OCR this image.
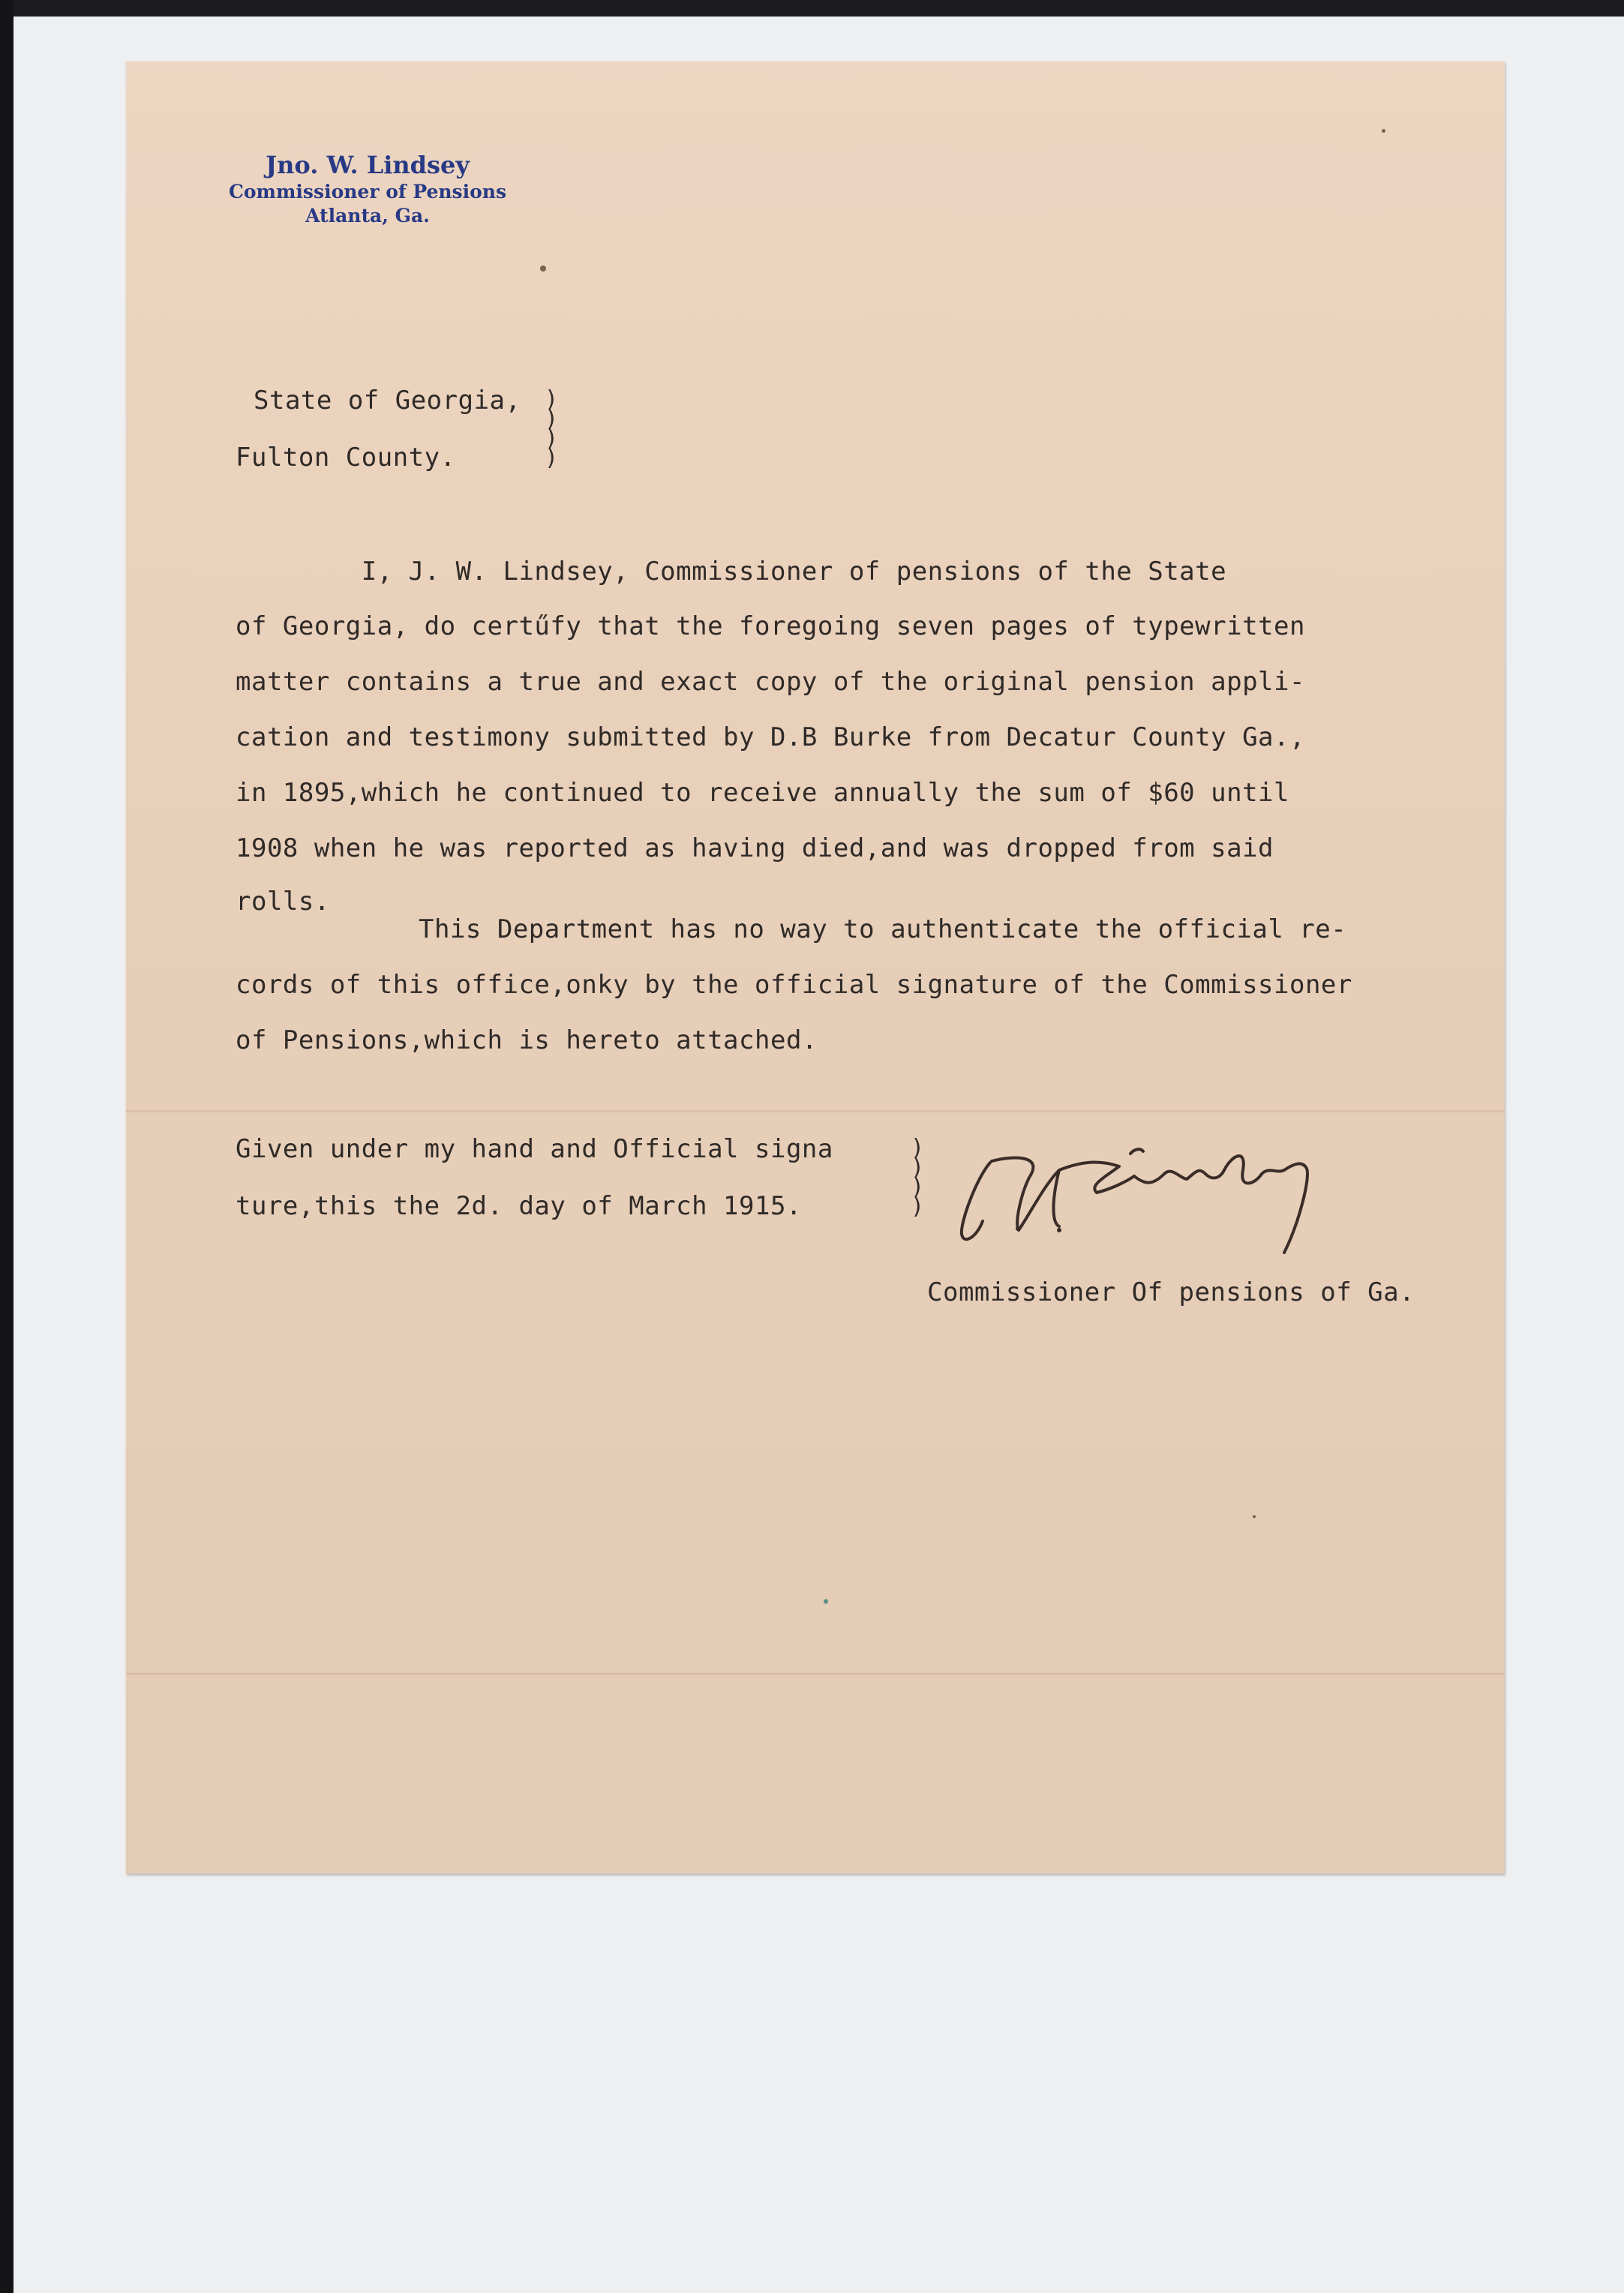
Jno. W. Lindsey
Commissioner of Pensions
Atlanta, Ga.
State of Georgia,
Fulton County.
)
)
)
)
I, J. W. Lindsey, Commissioner of pensions of the State
of Georgia, do certűfy that the foregoing seven pages of typewritten
matter contains a true and exact copy of the original pension appli-
cation and testimony submitted by D.B Burke from Decatur County Ga.,
in 1895,which he continued to receive annually the sum of $60 until
1908 when he was reported as having died,and was dropped from said
rolls.
This Department has no way to authenticate the official re-
cords of this office,onky by the official signature of the Commissioner
of Pensions,which is hereto attached.
Given under my hand and Official signa
ture,this the 2d. day of March 1915.
)
)
)
)
Commissioner Of pensions of Ga.
